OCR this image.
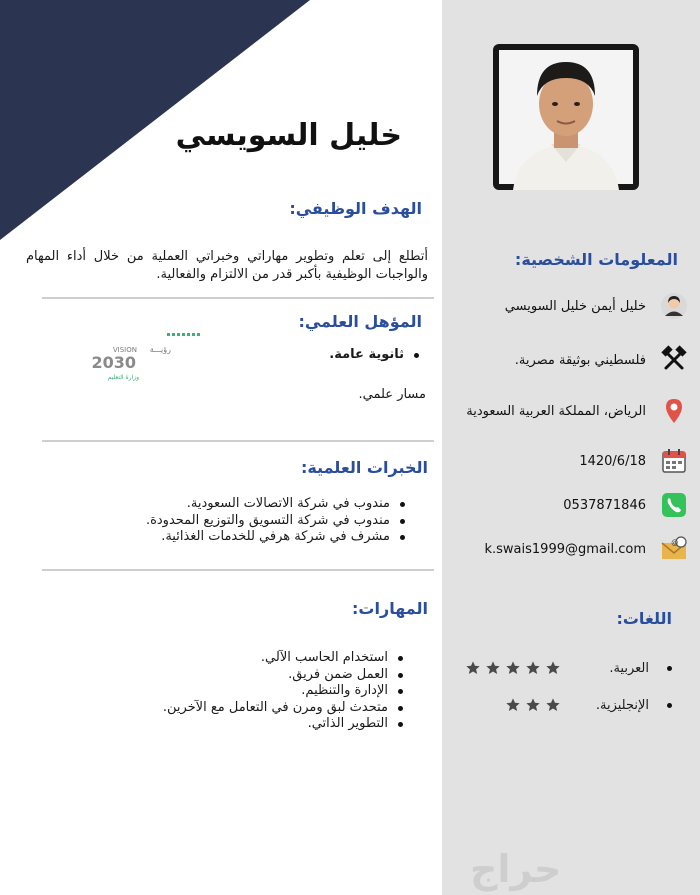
خليل السويسي
الهدف الوظيفي:
أتطلع إلى تعلم وتطوير مهاراتي وخبراتي العملية من خلال أداء المهام والواجبات الوظيفية بأكبر قدر من الالتزام والفعالية.
المؤهل العلمي:
ثانوية عامة.
مسار علمي.
VISION رؤيـــة
2030
وزارة التعليم
الخبرات العلمية:
مندوب في شركة الاتصالات السعودية.
مندوب في شركة التسويق والتوزيع المحدودة.
مشرف في شركة هرفي للخدمات الغذائية.
المهارات:
استخدام الحاسب الآلي.
العمل ضمن فريق.
الإدارة والتنظيم.
متحدث لبق ومرن في التعامل مع الآخرين.
التطوير الذاتي.
المعلومات الشخصية:
خليل أيمن خليل السويسي
فلسطيني بوثيقة مصرية.
الرياض، المملكة العربية السعودية
1420/6/18
0537871846
@
k.swais1999@gmail.com
اللغات:
العربية.
الإنجليزية.
حراج
